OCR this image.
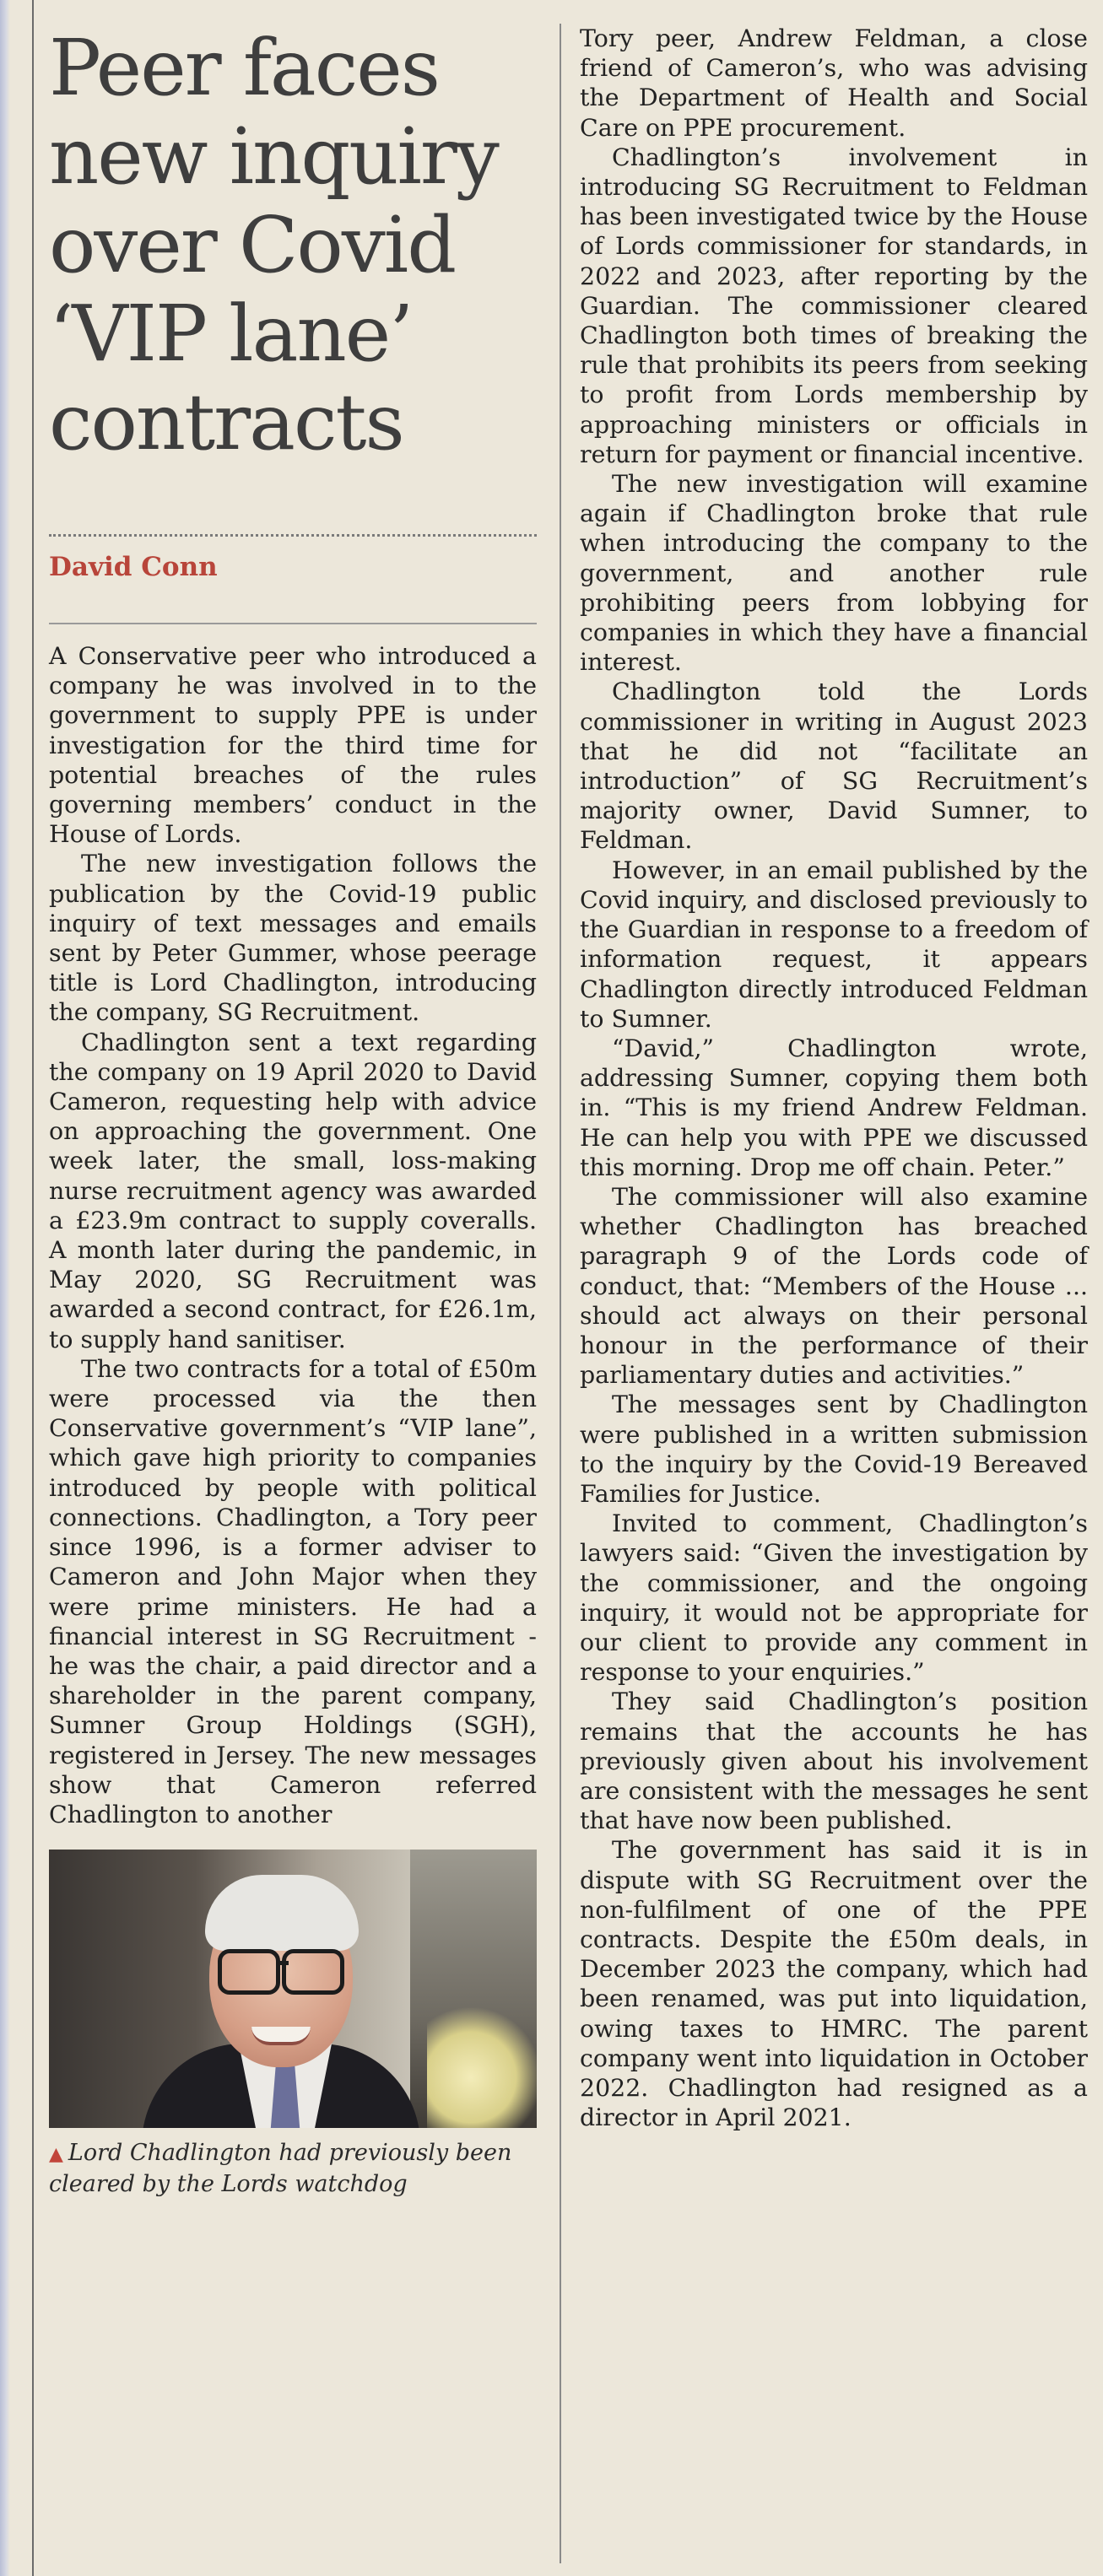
Peer faces
new inquiry
over Covid
‘VIP lane’
contracts
David Conn

A Conservative peer who introduced a company he was involved in to the government to supply PPE is under investigation for the third time for potential breaches of the rules governing members’ conduct in the House of Lords.

The new investigation follows the publication by the Covid-19 public inquiry of text messages and emails sent by Peter Gummer, whose peerage title is Lord Chadlington, introducing the company, SG Recruitment.

Chadlington sent a text regarding the company on 19 April 2020 to David Cameron, requesting help with advice on approaching the government. One week later, the small, loss-making nurse recruitment agency was awarded a £23.9m contract to supply coveralls. A month later during the pandemic, in May 2020, SG Recruitment was awarded a second contract, for £26.1m, to supply hand sanitiser.

The two contracts for a total of £50m were processed via the then Conservative government’s “VIP lane”, which gave high priority to companies introduced by people with political connections. Chadlington, a Tory peer since 1996, is a former adviser to Cameron and John Major when they were prime ministers. He had a financial interest in SG Recruitment - he was the chair, a paid director and a shareholder in the parent company, Sumner Group Holdings (SGH), registered in Jersey. The new messages show that Cameron referred Chadlington to another

▲ Lord Chadlington had previously been cleared by the Lords watchdog

Tory peer, Andrew Feldman, a close friend of Cameron’s, who was advising the Department of Health and Social Care on PPE procurement.

Chadlington’s involvement in introducing SG Recruitment to Feldman has been investigated twice by the House of Lords commissioner for standards, in 2022 and 2023, after reporting by the Guardian. The commissioner cleared Chadlington both times of breaking the rule that prohibits its peers from seeking to profit from Lords membership by approaching ministers or officials in return for payment or financial incentive.

The new investigation will examine again if Chadlington broke that rule when introducing the company to the government, and another rule prohibiting peers from lobbying for companies in which they have a financial interest.

Chadlington told the Lords commissioner in writing in August 2023 that he did not “facilitate an introduction” of SG Recruitment’s majority owner, David Sumner, to Feldman.

However, in an email published by the Covid inquiry, and disclosed previously to the Guardian in response to a freedom of information request, it appears Chadlington directly introduced Feldman to Sumner.

“David,” Chadlington wrote, addressing Sumner, copying them both in. “This is my friend Andrew Feldman. He can help you with PPE we discussed this morning. Drop me off chain. Peter.”

The commissioner will also examine whether Chadlington has breached paragraph 9 of the Lords code of conduct, that: “Members of the House ... should act always on their personal honour in the performance of their parliamentary duties and activities.”

The messages sent by Chadlington were published in a written submission to the inquiry by the Covid-19 Bereaved Families for Justice.

Invited to comment, Chadlington’s lawyers said: “Given the investigation by the commissioner, and the ongoing inquiry, it would not be appropriate for our client to provide any comment in response to your enquiries.”

They said Chadlington’s position remains that the accounts he has previously given about his involvement are consistent with the messages he sent that have now been published.

The government has said it is in dispute with SG Recruitment over the non-fulfilment of one of the PPE contracts. Despite the £50m deals, in December 2023 the company, which had been renamed, was put into liquidation, owing taxes to HMRC. The parent company went into liquidation in October 2022. Chadlington had resigned as a director in April 2021.
